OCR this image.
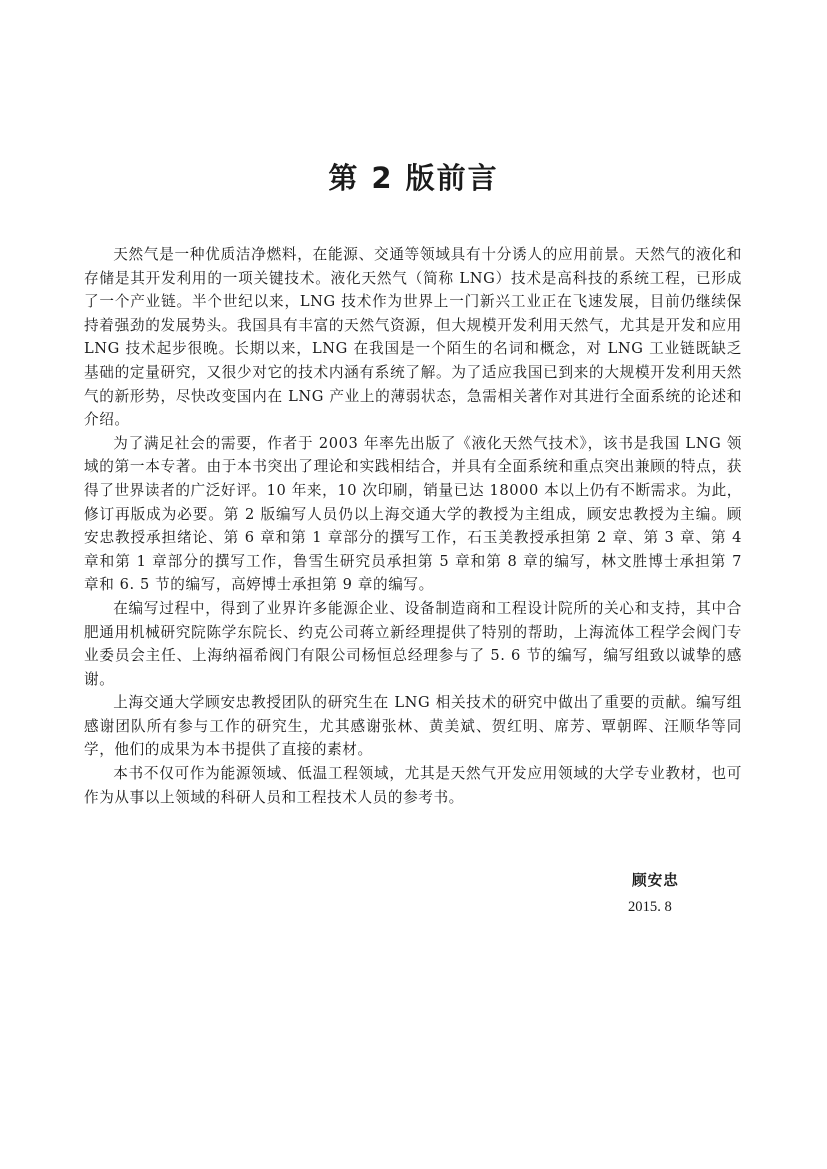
第 2 版前言

天然气是一种优质洁净燃料，在能源、交通等领域具有十分诱人的应用前景。天然气的液化和存储是其开发利用的一项关键技术。液化天然气（简称 LNG）技术是高科技的系统工程，已形成了一个产业链。半个世纪以来，LNG 技术作为世界上一门新兴工业正在飞速发展，目前仍继续保持着强劲的发展势头。我国具有丰富的天然气资源，但大规模开发利用天然气，尤其是开发和应用 LNG 技术起步很晚。长期以来，LNG 在我国是一个陌生的名词和概念，对 LNG 工业链既缺乏基础的定量研究，又很少对它的技术内涵有系统了解。为了适应我国已到来的大规模开发利用天然气的新形势，尽快改变国内在 LNG 产业上的薄弱状态，急需相关著作对其进行全面系统的论述和介绍。

为了满足社会的需要，作者于 2003 年率先出版了《液化天然气技术》，该书是我国 LNG 领域的第一本专著。由于本书突出了理论和实践相结合，并具有全面系统和重点突出兼顾的特点，获得了世界读者的广泛好评。10 年来，10 次印刷，销量已达 18000 本以上仍有不断需求。为此，修订再版成为必要。第 2 版编写人员仍以上海交通大学的教授为主组成，顾安忠教授为主编。顾安忠教授承担绪论、第 6 章和第 1 章部分的撰写工作，石玉美教授承担第 2 章、第 3 章、第 4 章和第 1 章部分的撰写工作，鲁雪生研究员承担第 5 章和第 8 章的编写，林文胜博士承担第 7 章和 6. 5 节的编写，高婷博士承担第 9 章的编写。

在编写过程中，得到了业界许多能源企业、设备制造商和工程设计院所的关心和支持，其中合肥通用机械研究院陈学东院长、约克公司蒋立新经理提供了特别的帮助，上海流体工程学会阀门专业委员会主任、上海纳福希阀门有限公司杨恒总经理参与了 5. 6 节的编写，编写组致以诚挚的感谢。

上海交通大学顾安忠教授团队的研究生在 LNG 相关技术的研究中做出了重要的贡献。编写组感谢团队所有参与工作的研究生，尤其感谢张林、黄美斌、贺红明、席芳、覃朝晖、汪顺华等同学，他们的成果为本书提供了直接的素材。

本书不仅可作为能源领域、低温工程领域，尤其是天然气开发应用领域的大学专业教材，也可作为从事以上领域的科研人员和工程技术人员的参考书。

顾安忠
2015. 8
